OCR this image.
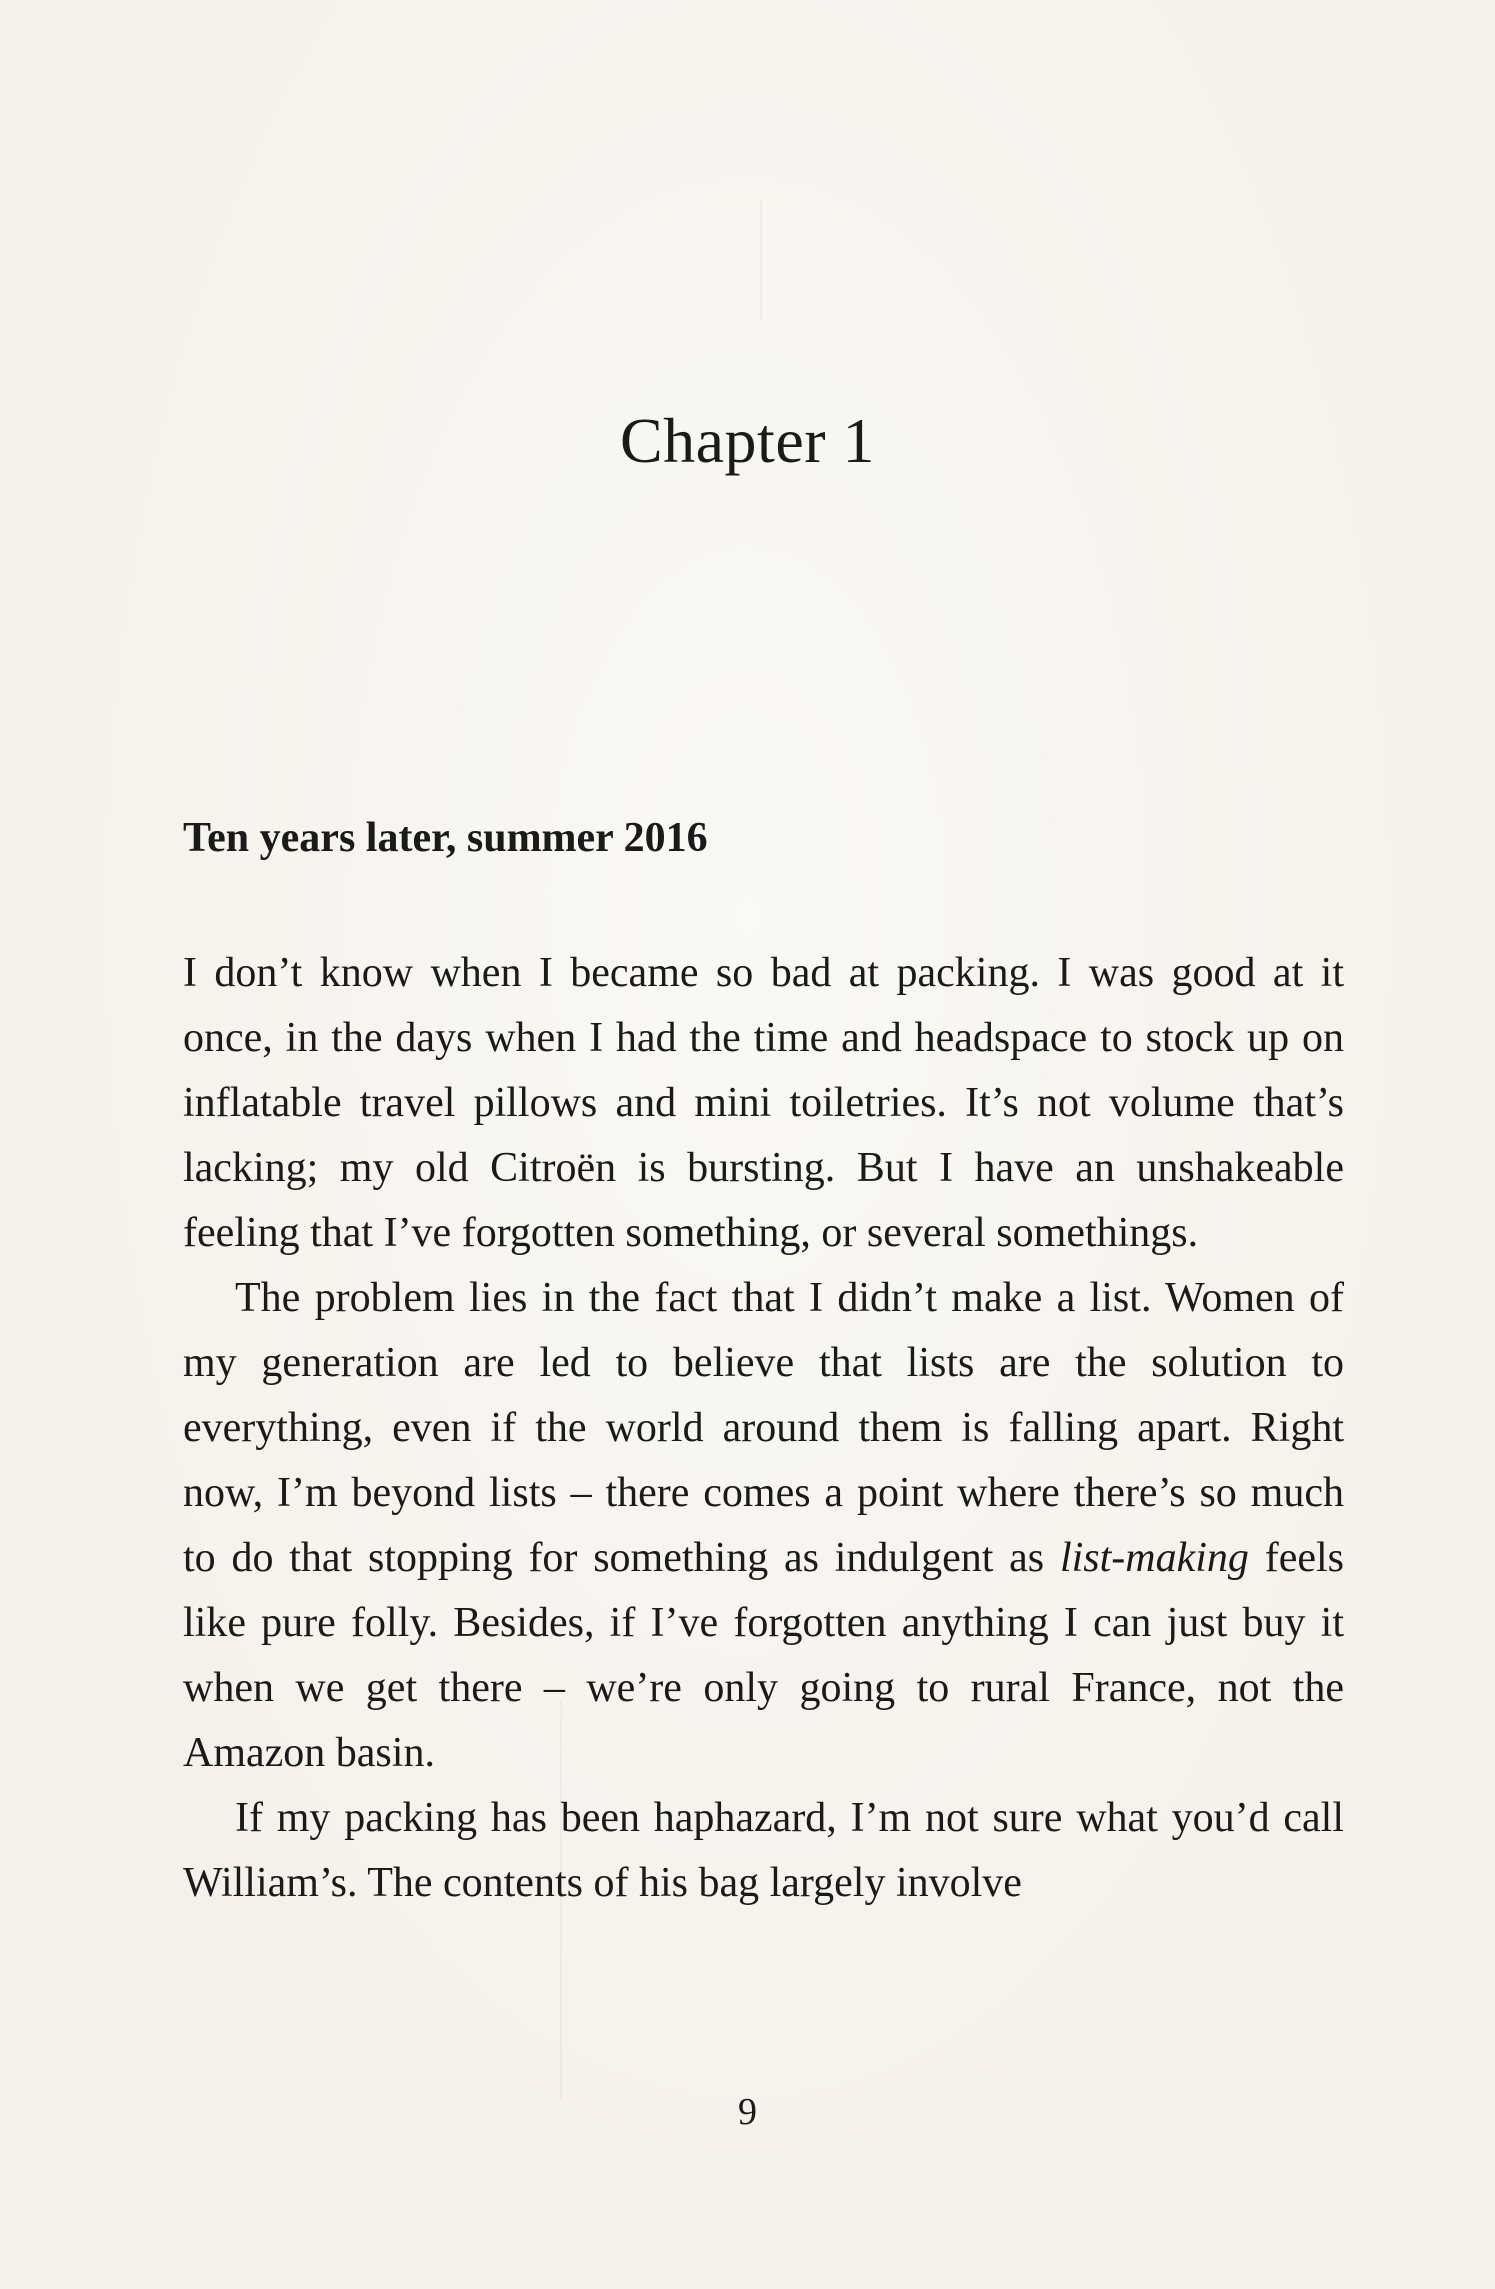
Chapter 1
Ten years later, summer 2016

I don’t know when I became so bad at packing. I was good at it once, in the days when I had the time and headspace to stock up on inflatable travel pillows and mini toiletries. It’s not volume that’s lacking; my old Citroën is bursting. But I have an unshakeable feeling that I’ve forgotten something, or several somethings.

The problem lies in the fact that I didn’t make a list. Women of my generation are led to believe that lists are the solution to everything, even if the world around them is falling apart. Right now, I’m beyond lists – there comes a point where there’s so much to do that stopping for something as indulgent as list-making feels like pure folly. Besides, if I’ve forgotten anything I can just buy it when we get there – we’re only going to rural France, not the Amazon basin.

If my packing has been haphazard, I’m not sure what you’d call William’s. The contents of his bag largely involve

9
